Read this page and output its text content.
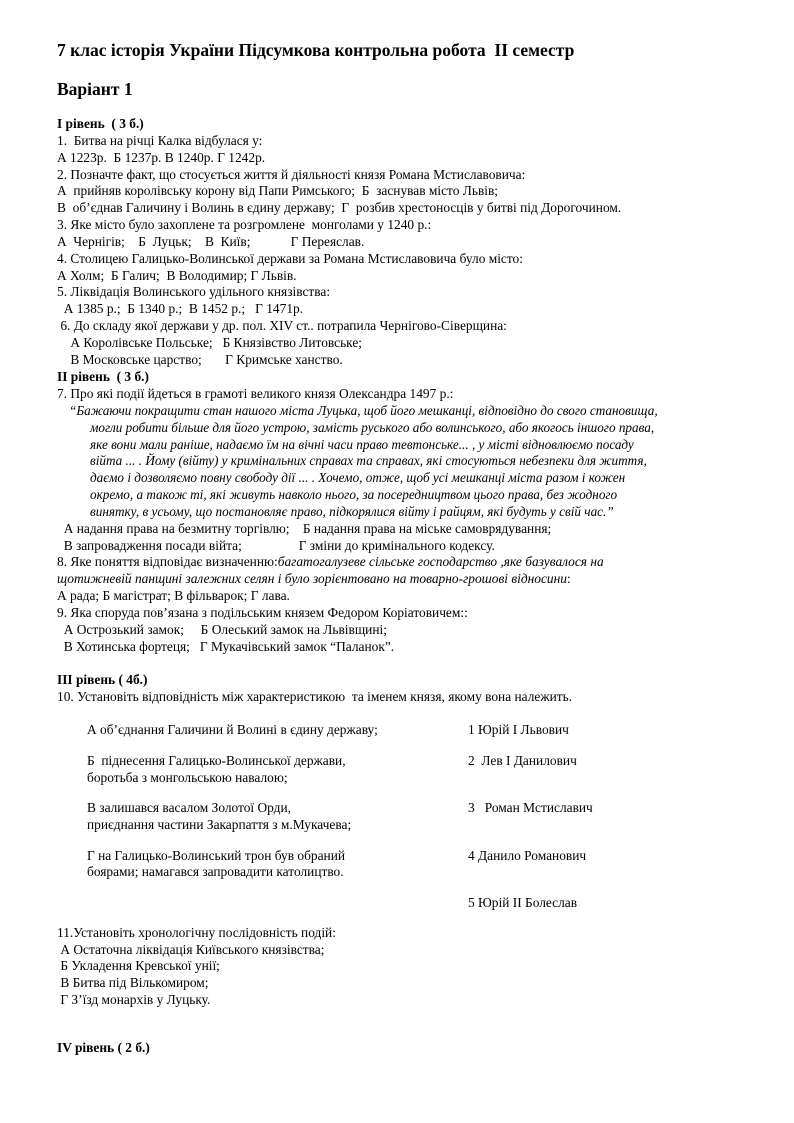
7 клас історія України Підсумкова контрольна робота  ІІ семестр
Варіант 1
І рівень  ( 3 б.)
1.  Битва на річці Калка відбулася у:
А 1223р.  Б 1237р. В 1240р. Г 1242р.
2. Позначте факт, що стосується життя й діяльності князя Романа Мстиславовича:
А  прийняв королівську корону від Папи Римського;  Б  заснував місто Львів;
В  об’єднав Галичину і Волинь в єдину державу;  Г  розбив хрестоносців у битві під Дорогочином.
3. Яке місто було захоплене та розгромлене  монголами у 1240 р.:
А  Чернігів;    Б  Луцьк;    В  Київ;            Г Переяслав.
4. Столицею Галицько-Волинської держави за Романа Мстиславовича було місто:
А Холм;  Б Галич;  В Володимир; Г Львів.
5. Ліквідація Волинського удільного князівства:
А 1385 р.;  Б 1340 р.;  В 1452 р.;   Г 1471р.
6. До складу якої держави у др. пол. XIV ст.. потрапила Чернігово-Сіверщина:
А Королівське Польське;   Б Князівство Литовське;
В Московське царство;       Г Кримське ханство.
ІІ рівень  ( 3 б.)
7. Про які події йдеться в грамоті великого князя Олександра 1497 р.:
“Бажаючи покращити стан нашого міста Луцька, щоб його мешканці, відповідно до свого становища,
могли робити більше для його устрою, замість руського або волинського, або якогось іншого права,
яке вони мали раніше, надаємо їм на вічні часи право тевтонське... , у місті відновлюємо посаду
війта ... . Йому (війту) у кримінальних справах та справах, які стосуються небезпеки для життя,
даємо і дозволяємо повну свободу дії ... . Хочемо, отже, щоб усі мешканці міста разом і кожен
окремо, а також ті, які живуть навколо нього, за посередництвом цього права, без жодного
винятку, в усьому, що постановляє право, підкорялися війту і райцям, які будуть у свій час.”
А надання права на безмитну торгівлю;    Б надання права на міське самоврядування;
В запровадження посади війта;                 Г зміни до кримінального кодексу.
8. Яке поняття відповідає визначенню:багатогалузеве сільське господарство ,яке базувалося на
щотижневій панщині залежних селян і було зорієнтовано на товарно-грошові відносини:
А рада; Б магістрат; В фільварок; Г лава.
9. Яка споруда пов’язана з подільським князем Федором Коріатовичем::
А Острозький замок;     Б Олеський замок на Львівщині;
В Хотинська фортеця;   Г Мукачівський замок “Паланок”.
ІІІ рівень ( 4б.)
10. Установіть відповідність між характеристикою  та іменем князя, якому вона належить.
А об’єднання Галичини й Волині в єдину державу;
Б  піднесення Галицько-Волинської держави,
боротьба з монгольською навалою;
В залишався васалом Золотої Орди,
приєднання частини Закарпаття з м.Мукачева;
Г на Галицько-Волинський трон був обраний
боярами; намагався запровадити католицтво.
1 Юрій І Львович
2  Лев І Данилович
3   Роман Мстиславич
4 Данило Романович
5 Юрій ІІ Болеслав
11.Установіть хронологічну послідовність подій:
А Остаточна ліквідація Київського князівства;
Б Укладення Кревської унії;
В Битва під Вількомиром;
Г З’їзд монархів у Луцьку.
ІV рівень ( 2 б.)
